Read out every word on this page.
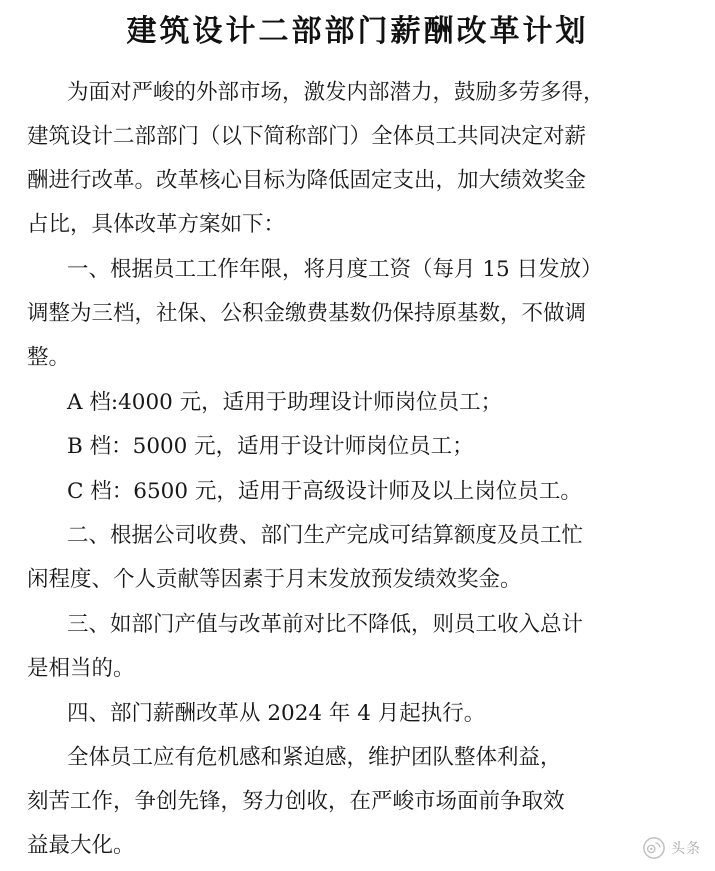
建筑设计二部部门薪酬改革计划
为面对严峻的外部市场，激发内部潜力，鼓励多劳多得，
建筑设计二部部门（以下简称部门）全体员工共同决定对薪
酬进行改革。改革核心目标为降低固定支出，加大绩效奖金
占比，具体改革方案如下：
一、根据员工工作年限，将月度工资（每月 15 日发放）
调整为三档，社保、公积金缴费基数仍保持原基数，不做调
整。
A 档:4000 元，适用于助理设计师岗位员工；
B 档：5000 元，适用于设计师岗位员工；
C 档：6500 元，适用于高级设计师及以上岗位员工。
二、根据公司收费、部门生产完成可结算额度及员工忙
闲程度、个人贡献等因素于月末发放预发绩效奖金。
三、如部门产值与改革前对比不降低，则员工收入总计
是相当的。
四、部门薪酬改革从 2024 年 4 月起执行。
全体员工应有危机感和紧迫感，维护团队整体利益，
刻苦工作，争创先锋，努力创收，在严峻市场面前争取效
益最大化。	头条
